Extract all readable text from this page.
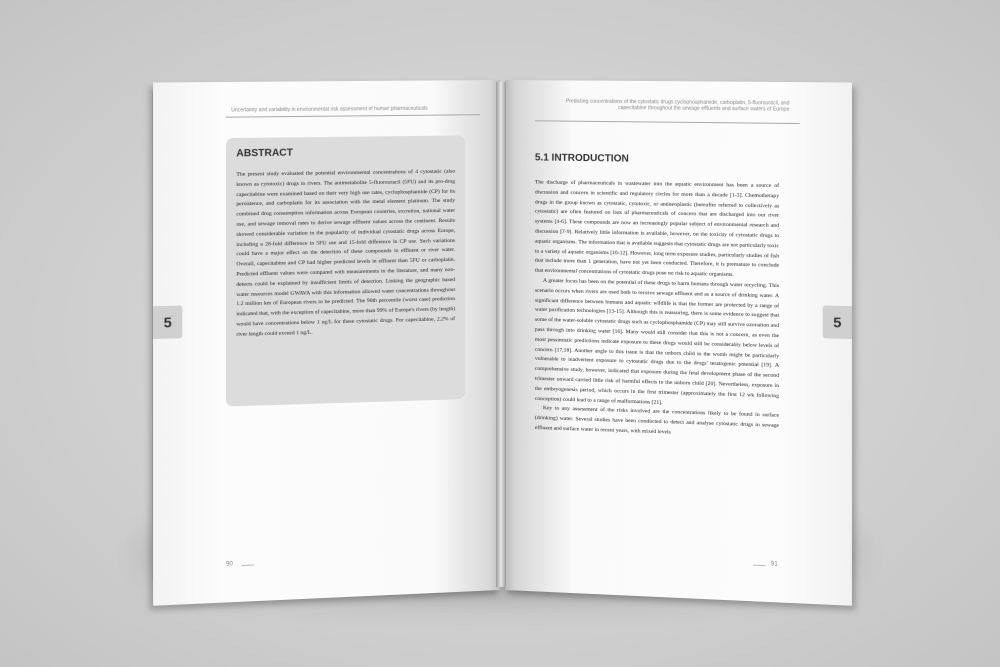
Uncertainty and variability in environmental risk assessment of human pharmaceuticals
5
ABSTRACT
The present study evaluated the potential environmental concentrations of 4 cytostatic (also known as cytotoxic) drugs in rivers. The antimetabolite 5-fluorouracil (5FU) and its pro-drug capecitabine were examined based on their very high use rates, cyclophosphamide (CP) for its persistence, and carboplatin for its association with the metal element platinum. The study combined drug consumption information across European countries, excretion, national water use, and sewage removal rates to derive sewage effluent values across the continent. Results showed considerable variation in the popularity of individual cytostatic drugs across Europe, including a 28-fold difference in 5FU use and 15-fold difference in CP use. Such variations could have a major effect on the detection of these compounds in effluent or river water. Overall, capecitabine and CP had higher predicted levels in effluent than 5FU or carboplatin. Predicted effluent values were compared with measurements in the literature, and many non-detects could be explained by insufficient limits of detection. Linking the geographic based water resources model GWAVA with this information allowed water concentrations throughout 1.2 million km of European rivers to be predicted. The 90th percentile (worst case) prediction indicated that, with the exception of capecitabine, more than 99% of Europe's rivers (by length) would have concentrations below 1 ng/L for these cytostatic drugs. For capecitabine, 2.2% of river length could exceed 1 ng/L.
90
Predicting concentrations of the cytostatic drugs cyclophosphamide, carboplatin, 5-fluorouracil, and capecitabine throughout the sewage effluents and surface waters of Europe
5
5.1 INTRODUCTION

The discharge of pharmaceuticals in wastewater into the aquatic environment has been a source of discussion and concern in scientific and regulatory circles for more than a decade [1-3]. Chemotherapy drugs in the group known as cytostatic, cytotoxic, or antineoplastic (hereafter referred to collectively as cytostatic) are often featured on lists of pharmaceuticals of concern that are discharged into our river systems [4-6]. These compounds are now an increasingly popular subject of environmental research and discussion [7-9]. Relatively little information is available, however, on the toxicity of cytostatic drugs to aquatic organisms. The information that is available suggests that cytostatic drugs are not particularly toxic to a variety of aquatic organisms [10-12]. However, long term exposure studies, particularly studies of fish that include more than 1 generation, have not yet been conducted. Therefore, it is premature to conclude that environmental concentrations of cytostatic drugs pose no risk to aquatic organisms.

A greater focus has been on the potential of these drugs to harm humans through water recycling. This scenario occurs when rivers are used both to receive sewage effluent and as a source of drinking water. A significant difference between humans and aquatic wildlife is that the former are protected by a range of water purification technologies [13-15]. Although this is reassuring, there is some evidence to suggest that some of the water-soluble cytostatic drugs such as cyclophosphamide (CP) may still survive ozonation and pass through into drinking water [16]. Many would still consider that this is not a concern, as even the most pessimistic predictions indicate exposure to these drugs would still be considerably below levels of concern [17,18]. Another angle to this issue is that the unborn child in the womb might be particularly vulnerable to inadvertent exposure to cytostatic drugs due to the drugs' teratogenic potential [19]. A comprehensive study, however, indicated that exposure during the fetal development phase of the second trimester onward carried little risk of harmful effects to the unborn child [20]. Nevertheless, exposure in the embryogenesis period, which occurs in the first trimester (approximately the first 12 wk following conception) could lead to a range of malformations [21].

Key to any assessment of the risks involved are the concentrations likely to be found in surface (drinking) water. Several studies have been conducted to detect and analyse cytostatic drugs in sewage effluent and surface water in recent years, with mixed levels

91
